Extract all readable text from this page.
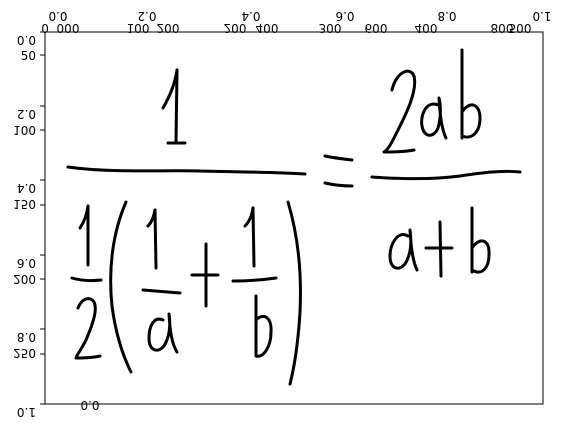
0.0
0.2
0.4
0.6
0.8
1.0
50
100
150
200
250
0.0	0.2	0.4	0.6	0.8	1.0
0	100	200	300	400	500
000	200	400	600	800
0.0
